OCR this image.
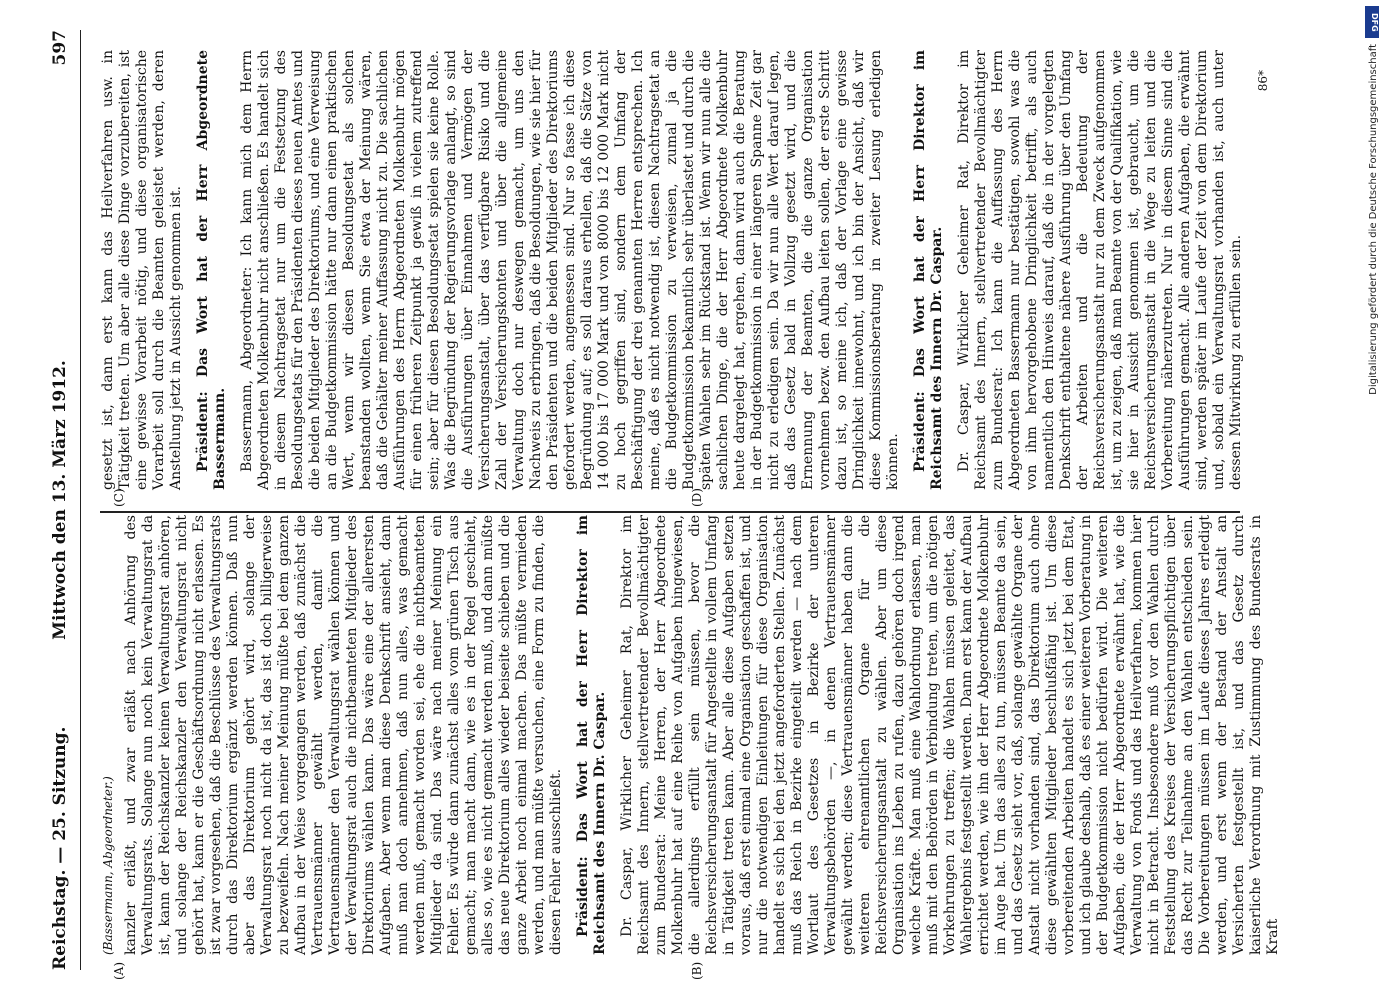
Reichstag. — 25. Sitzung.
Mittwoch den 13. März 1912.
597
(A)	(B)
(C)	(D)
(Bassermann, Abgeordneter.) kanzler erläßt, und zwar erläßt nach Anhörung des Verwaltungsrats. Solange nun noch kein Verwaltungsrat da ist, kann der Reichskanzler keinen Verwaltungsrat anhören, und solange der Reichskanzler den Verwaltungsrat nicht gehört hat, kann er die Geschäftsordnung nicht erlassen. Es ist zwar vorgesehen, daß die Beschlüsse des Verwaltungsrats durch das Direktorium ergänzt werden können. Daß nun aber das Direktorium gehört wird, solange der Verwaltungsrat noch nicht da ist, das ist doch billigerweise zu bezweifeln. Nach meiner Meinung müßte bei dem ganzen Aufbau in der Weise vorgegangen werden, daß zunächst die Vertrauensmänner gewählt werden, damit die Vertrauensmänner den Verwaltungsrat wählen können und der Verwaltungsrat auch die nichtbeamteten Mitglieder des Direktoriums wählen kann. Das wäre eine der allerersten Aufgaben. Aber wenn man diese Denkschrift ansieht, dann muß man doch annehmen, daß nun alles, was gemacht werden muß, gemacht worden sei, ehe die nichtbeamteten Mitglieder da sind. Das wäre nach meiner Meinung ein Fehler. Es würde dann zunächst alles vom grünen Tisch aus gemacht; man macht dann, wie es in der Regel geschieht, alles so, wie es nicht gemacht werden muß, und dann müßte das neue Direktorium alles wieder beiseite schieben und die ganze Arbeit noch einmal machen. Das müßte vermieden werden, und man müßte versuchen, eine Form zu finden, die diesen Fehler ausschließt. Präsident: Das Wort hat der Herr Direktor im Reichsamt des Innern Dr. Caspar. Dr. Caspar, Wirklicher Geheimer Rat, Direktor im Reichsamt des Innern, stellvertretender Bevollmächtigter zum Bundesrat: Meine Herren, der Herr Abgeordnete Molkenbuhr hat auf eine Reihe von Aufgaben hingewiesen, die allerdings erfüllt sein müssen, bevor die Reichsversicherungsanstalt für Angestellte in vollem Umfang in Tätigkeit treten kann. Aber alle diese Aufgaben setzen voraus, daß erst einmal eine Organisation geschaffen ist, und nur die notwendigen Einleitungen für diese Organisation handelt es sich bei den jetzt angeforderten Stellen. Zunächst muß das Reich in Bezirke eingeteilt werden — nach dem Wortlaut des Gesetzes in Bezirke der unteren Verwaltungsbehörden —, in denen Vertrauensmänner gewählt werden; diese Vertrauensmänner haben dann die weiteren ehrenamtlichen Organe für die Reichsversicherungsanstalt zu wählen. Aber um diese Organisation ins Leben zu rufen, dazu gehören doch irgend welche Kräfte. Man muß eine Wahlordnung erlassen, man muß mit den Behörden in Verbindung treten, um die nötigen Vorkehrungen zu treffen; die Wahlen müssen geleitet, das Wahlergebnis festgestellt werden. Dann erst kann der Aufbau errichtet werden, wie ihn der Herr Abgeordnete Molkenbuhr im Auge hat. Um das alles zu tun, müssen Beamte da sein, und das Gesetz sieht vor, daß, solange gewählte Organe der Anstalt nicht vorhanden sind, das Direktorium auch ohne diese gewählten Mitglieder beschlußfähig ist. Um diese vorbereitenden Arbeiten handelt es sich jetzt bei dem Etat, und ich glaube deshalb, daß es einer weiteren Vorberatung in der Budgetkommission nicht bedürfen wird. Die weiteren Aufgaben, die der Herr Abgeordnete erwähnt hat, wie die Verwaltung von Fonds und das Heilverfahren, kommen hier nicht in Betracht. Insbesondere muß vor den Wahlen durch Feststellung des Kreises der Versicherungspflichtigen über das Recht zur Teilnahme an den Wahlen entschieden sein. Die Vorbereitungen müssen im Laufe dieses Jahres erledigt werden, und erst wenn der Bestand der Anstalt an Versicherten festgestellt ist, und das Gesetz durch kaiserliche Verordnung mit Zustimmung des Bundesrats in Kraft

gesetzt ist, dann erst kann das Heilverfahren usw. in Tätigkeit treten. Um aber alle diese Dinge vorzubereiten, ist eine gewisse Vorarbeit nötig, und diese organisatorische Vorarbeit soll durch die Beamten geleistet werden, deren Anstellung jetzt in Aussicht genommen ist. Präsident: Das Wort hat der Herr Abgeordnete Bassermann. Bassermann, Abgeordneter: Ich kann mich dem Herrn Abgeordneten Molkenbuhr nicht anschließen. Es handelt sich in diesem Nachtragsetat nur um die Festsetzung des Besoldungsetats für den Präsidenten dieses neuen Amtes und die beiden Mitglieder des Direktoriums, und eine Verweisung an die Budgetkommission hätte nur dann einen praktischen Wert, wenn wir diesen Besoldungsetat als solchen beanstanden wollten, wenn Sie etwa der Meinung wären, daß die Gehälter meiner Auffassung nicht zu. Die sachlichen Ausführungen des Herrn Abgeordneten Molkenbuhr mögen für einen früheren Zeitpunkt ja gewiß in vielem zutreffend sein; aber für diesen Besoldungsetat spielen sie keine Rolle. Was die Begründung der Regierungsvorlage anlangt, so sind die Ausführungen über Einnahmen und Vermögen der Versicherungsanstalt, über das verfügbare Risiko und die Zahl der Versicherungskonten und über die allgemeine Verwaltung doch nur deswegen gemacht, um uns den Nachweis zu erbringen, daß die Besoldungen, wie sie hier für den Präsidenten und die beiden Mitglieder des Direktoriums gefordert werden, angemessen sind. Nur so fasse ich diese Begründung auf; es soll daraus erhellen, daß die Sätze von 14 000 bis 17 000 Mark und von 8000 bis 12 000 Mark nicht zu hoch gegriffen sind, sondern dem Umfang der Beschäftigung der drei genannten Herren entsprechen. Ich meine, daß es nicht notwendig ist, diesen Nachtragsetat an die Budgetkommission zu verweisen, zumal ja die Budgetkommission bekanntlich sehr überlastet und durch die späten Wahlen sehr im Rückstand ist. Wenn wir nun alle die sachlichen Dinge, die der Herr Abgeordnete Molkenbuhr heute dargelegt hat, ergehen, dann wird auch die Beratung in der Budgetkommission in einer längeren Spanne Zeit gar nicht zu erledigen sein. Da wir nun alle Wert darauf legen, daß das Gesetz bald in Vollzug gesetzt wird, und die Ernennung der Beamten, die die ganze Organisation vornehmen bezw. den Aufbau leiten sollen, der erste Schritt dazu ist, so meine ich, daß der Vorlage eine gewisse Dringlichkeit innewohnt, und ich bin der Ansicht, daß wir diese Kommissionsberatung in zweiter Lesung erledigen können. Präsident: Das Wort hat der Herr Direktor im Reichsamt des Innern Dr. Caspar. Dr. Caspar, Wirklicher Geheimer Rat, Direktor im Reichsamt des Innern, stellvertretender Bevollmächtigter zum Bundesrat: Ich kann die Auffassung des Herrn Abgeordneten Bassermann nur bestätigen, sowohl was die von ihm hervorgehobene Dringlichkeit betrifft, als auch namentlich den Hinweis darauf, daß die in der vorgelegten Denkschrift enthaltene nähere Ausführung über den Umfang der Arbeiten und die Bedeutung der Reichsversicherungsanstalt nur zu dem Zweck aufgenommen ist, um zu zeigen, daß man Beamte von der Qualifikation, wie sie hier in Aussicht genommen ist, gebraucht, um die Reichsversicherungsanstalt in die Wege zu leiten und die Vorbereitung näherzutreten. Nur in diesem Sinne sind die Ausführungen gemacht. Alle anderen Aufgaben, die erwähnt sind, werden später im Laufe der Zeit von dem Direktorium und, sobald ein Verwaltungsrat vorhanden ist, auch unter dessen Mitwirkung zu erfüllen sein.

86*
DFG
Digitalisierung gefördert durch die Deutsche Forschungsgemeinschaft
